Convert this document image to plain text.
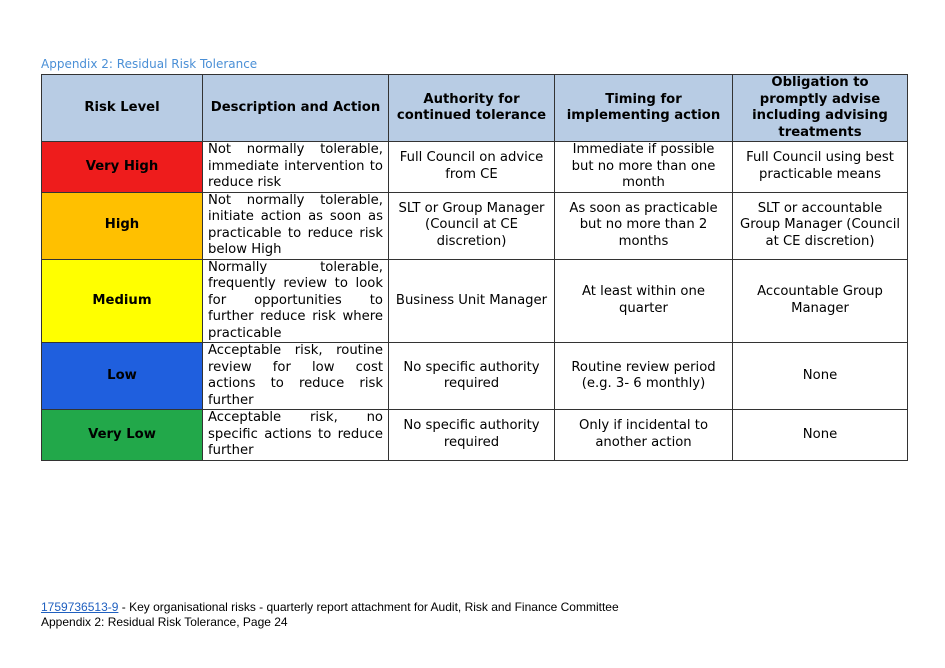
Appendix 2: Residual Risk Tolerance
Risk Level	Description and Action	Authority for continued tolerance	Timing for implementing action	Obligation to promptly advise including advising treatments
Very High	Not normally tolerable, immediate intervention to reduce risk	Full Council on advice from CE	Immediate if possible but no more than one month	Full Council using best practicable means
High	Not normally tolerable, initiate action as soon as practicable to reduce risk below High	SLT or Group Manager (Council at CE discretion)	As soon as practicable but no more than 2 months	SLT or accountable Group Manager (Council at CE discretion)
Medium	Normally tolerable, frequently review to look for opportunities to further reduce risk where practicable	Business Unit Manager	At least within one quarter	Accountable Group Manager
Low	Acceptable risk, routine review for low cost actions to reduce risk further	No specific authority required	Routine review period (e.g. 3- 6 monthly)	None
Very Low	Acceptable risk, no specific actions to reduce further	No specific authority required	Only if incidental to another action	None
1759736513-9 - Key organisational risks - quarterly report attachment for Audit, Risk and Finance Committee
Appendix 2: Residual Risk Tolerance, Page 24
